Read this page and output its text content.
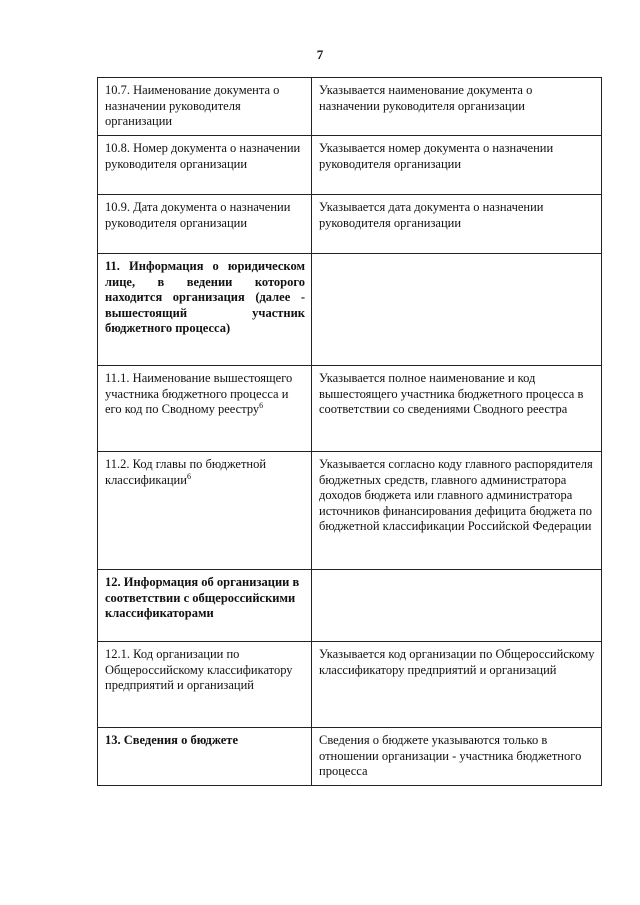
7
10.7. Наименование документа о назначении руководителя организации	Указывается наименование документа о назначении руководителя организации
10.8. Номер документа о назначении руководителя организации	Указывается номер документа о назначении руководителя организации
10.9. Дата документа о назначении руководителя организации	Указывается дата документа о назначении руководителя организации
11. Информация о юридическом лице, в ведении которого находится организация (далее - вышестоящий участник бюджетного процесса)	
11.1. Наименование вышестоящего участника бюджетного процесса и его код по Сводному реестру$^6$	Указывается полное наименование и код вышестоящего участника бюджетного процесса в соответствии со сведениями Сводного реестра
11.2. Код главы по бюджетной классификации$^6$	Указывается согласно коду главного распорядителя бюджетных средств, главного администратора доходов бюджета или главного администратора источников финансирования дефицита бюджета по бюджетной классификации Российской Федерации
12. Информация об организации в соответствии с общероссийскими классификаторами	
12.1. Код организации по Общероссийскому классификатору предприятий и организаций	Указывается код организации по Общероссийскому классификатору предприятий и организаций
13. Сведения о бюджете	Сведения о бюджете указываются только в отношении организации - участника бюджетного процесса
